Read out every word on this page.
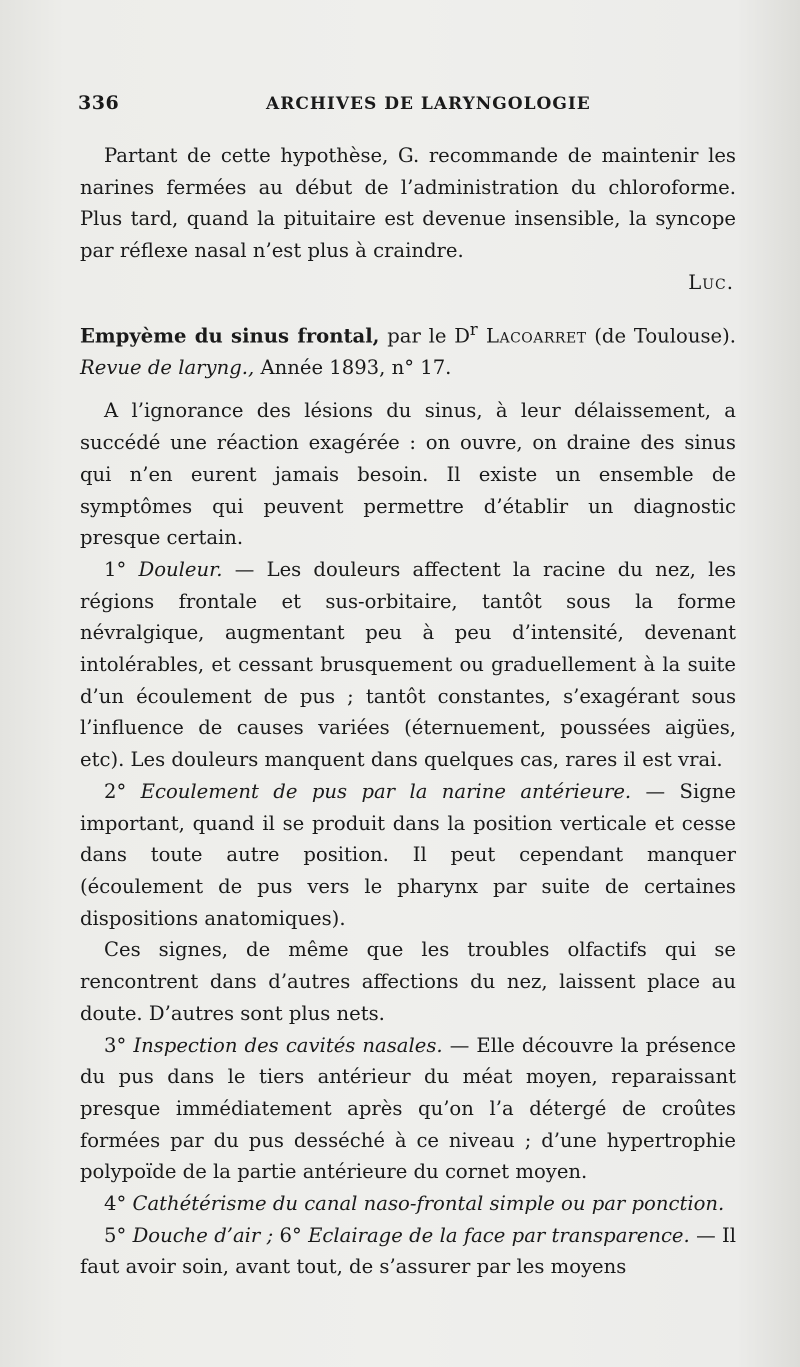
336	ARCHIVES DE LARYNGOLOGIE

Partant de cette hypothèse, G. recommande de maintenir les narines fermées au début de l’administration du chloroforme. Plus tard, quand la pituitaire est devenue insensible, la syncope par réflexe nasal n’est plus à craindre.

Luc.

Empyème du sinus frontal, par le $D^r$ Lacoarret (de Toulouse). Revue de laryng., Année 1893, n° 17.

A l’ignorance des lésions du sinus, à leur délaissement, a succédé une réaction exagérée : on ouvre, on draine des sinus qui n’en eurent jamais besoin. Il existe un ensemble de symptômes qui peuvent permettre d’établir un diagnostic presque certain.

1° Douleur. — Les douleurs affectent la racine du nez, les régions frontale et sus-orbitaire, tantôt sous la forme névralgique, augmentant peu à peu d’intensité, devenant intolérables, et cessant brusquement ou graduellement à la suite d’un écoulement de pus ; tantôt constantes, s’exagérant sous l’influence de causes variées (éternuement, poussées aigües, etc). Les douleurs manquent dans quelques cas, rares il est vrai.

2° Ecoulement de pus par la narine antérieure. — Signe important, quand il se produit dans la position verticale et cesse dans toute autre position. Il peut cependant manquer (écoulement de pus vers le pharynx par suite de certaines dispositions anatomiques).

Ces signes, de même que les troubles olfactifs qui se rencontrent dans d’autres affections du nez, laissent place au doute. D’autres sont plus nets.

3° Inspection des cavités nasales. — Elle découvre la présence du pus dans le tiers antérieur du méat moyen, reparaissant presque immédiatement après qu’on l’a détergé de croûtes formées par du pus desséché à ce niveau ; d’une hypertrophie polypoïde de la partie antérieure du cornet moyen.

4° Cathétérisme du canal naso-frontal simple ou par ponction.

5° Douche d’air ; 6° Eclairage de la face par transparence. — Il faut avoir soin, avant tout, de s’assurer par les moyens
